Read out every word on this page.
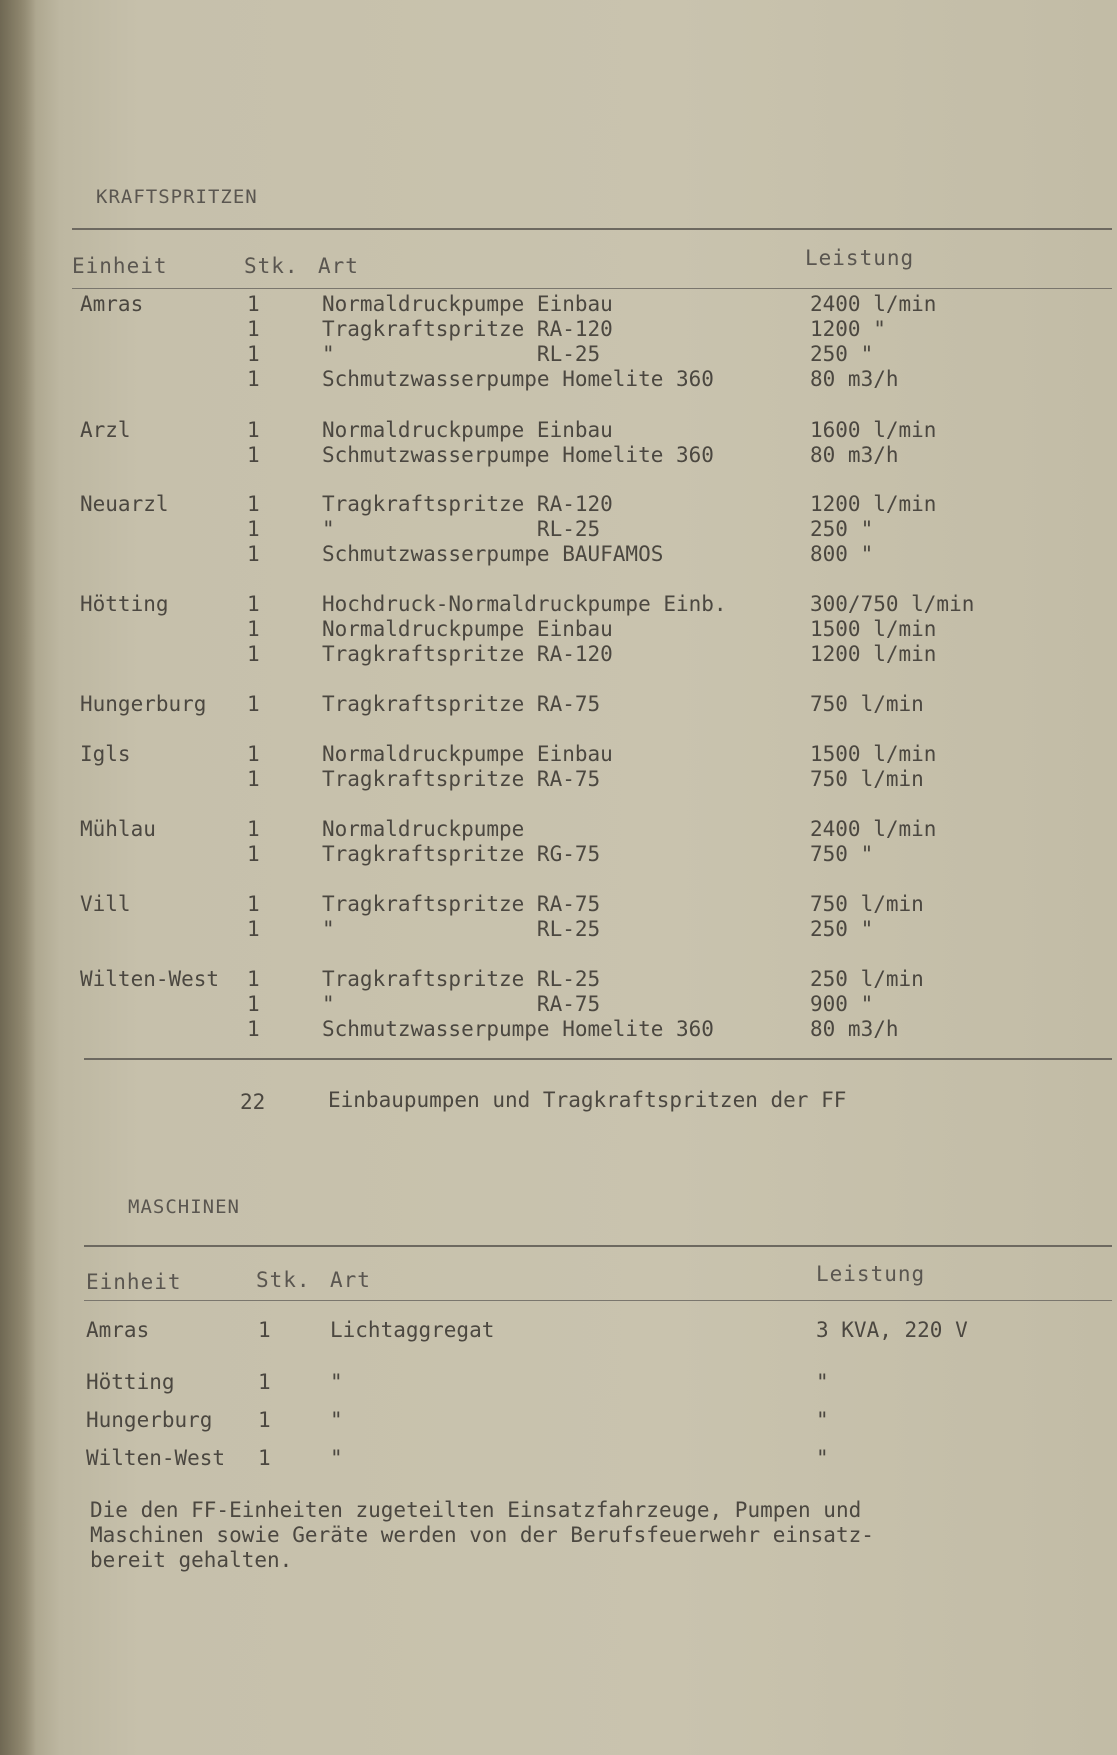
KRAFTSPRITZEN
Einheit	Stk. Art	Leistung
Amras	1	Normaldruckpumpe Einbau	2400 l/min
1	Tragkraftspritze RA-120	1200 "
1	"                RL-25	250 "
1	Schmutzwasserpumpe Homelite 360	80 m3/h
Arzl	1	Normaldruckpumpe Einbau	1600 l/min
1	Schmutzwasserpumpe Homelite 360	80 m3/h
Neuarzl	1	Tragkraftspritze RA-120	1200 l/min
1	"                RL-25	250 "
1	Schmutzwasserpumpe BAUFAMOS	800 "
Hötting	1	Hochdruck-Normaldruckpumpe Einb.	300/750 l/min
1	Normaldruckpumpe Einbau	1500 l/min
1	Tragkraftspritze RA-120	1200 l/min
Hungerburg 1	Tragkraftspritze RA-75	750 l/min
Igls	1	Normaldruckpumpe Einbau	1500 l/min
1	Tragkraftspritze RA-75	750 l/min
Mühlau	1	Normaldruckpumpe	2400 l/min
1	Tragkraftspritze RG-75	750 "
Vill	1	Tragkraftspritze RA-75	750 l/min
1	"                RL-25	250 "
Wilten-West 1	Tragkraftspritze RL-25	250 l/min
1	"                RA-75	900 "
1	Schmutzwasserpumpe Homelite 360	80 m3/h
22	Einbaupumpen und Tragkraftspritzen der FF
MASCHINEN
Einheit	Stk. Art	Leistung
Amras	1	Lichtaggregat	3 KVA, 220 V
Hötting	1	"	"
Hungerburg 1	"	"
Wilten-West 1	"	"
Die den FF-Einheiten zugeteilten Einsatzfahrzeuge, Pumpen und
Maschinen sowie Geräte werden von der Berufsfeuerwehr einsatz-
bereit gehalten.
